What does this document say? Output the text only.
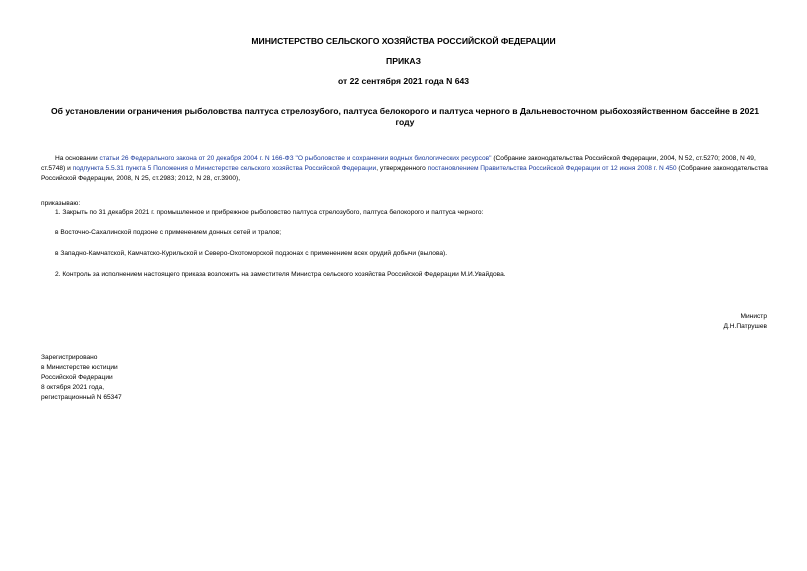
МИНИСТЕРСТВО СЕЛЬСКОГО ХОЗЯЙСТВА РОССИЙСКОЙ ФЕДЕРАЦИИ
ПРИКАЗ
от 22 сентября 2021 года N 643
Об установлении ограничения рыболовства палтуса стрелозубого, палтуса белокорого и палтуса черного в Дальневосточном рыбохозяйственном бассейне в 2021 году
На основании статьи 26 Федерального закона от 20 декабря 2004 г. N 166-ФЗ "О рыболовстве и сохранении водных биологических ресурсов" (Собрание законодательства Российской Федерации, 2004, N 52, ст.5270; 2008, N 49, ст.5748) и подпункта 5.5.31 пункта 5 Положения о Министерстве сельского хозяйства Российской Федерации, утвержденного постановлением Правительства Российской Федерации от 12 июня 2008 г. N 450 (Собрание законодательства Российской Федерации, 2008, N 25, ст.2983; 2012, N 28, ст.3900),
приказываю:
1. Закрыть по 31 декабря 2021 г. промышленное и прибрежное рыболовство палтуса стрелозубого, палтуса белокорого и палтуса черного:
в Восточно-Сахалинской подзоне с применением донных сетей и тралов;
в Западно-Камчатской, Камчатско-Курильской и Северо-Охотоморской подзонах с применением всех орудий добычи (вылова).
2. Контроль за исполнением настоящего приказа возложить на заместителя Министра сельского хозяйства Российской Федерации М.И.Увайдова.
Министр
Д.Н.Патрушев
Зарегистрировано
в Министерстве юстиции
Российской Федерации
8 октября 2021 года,
регистрационный N 65347
